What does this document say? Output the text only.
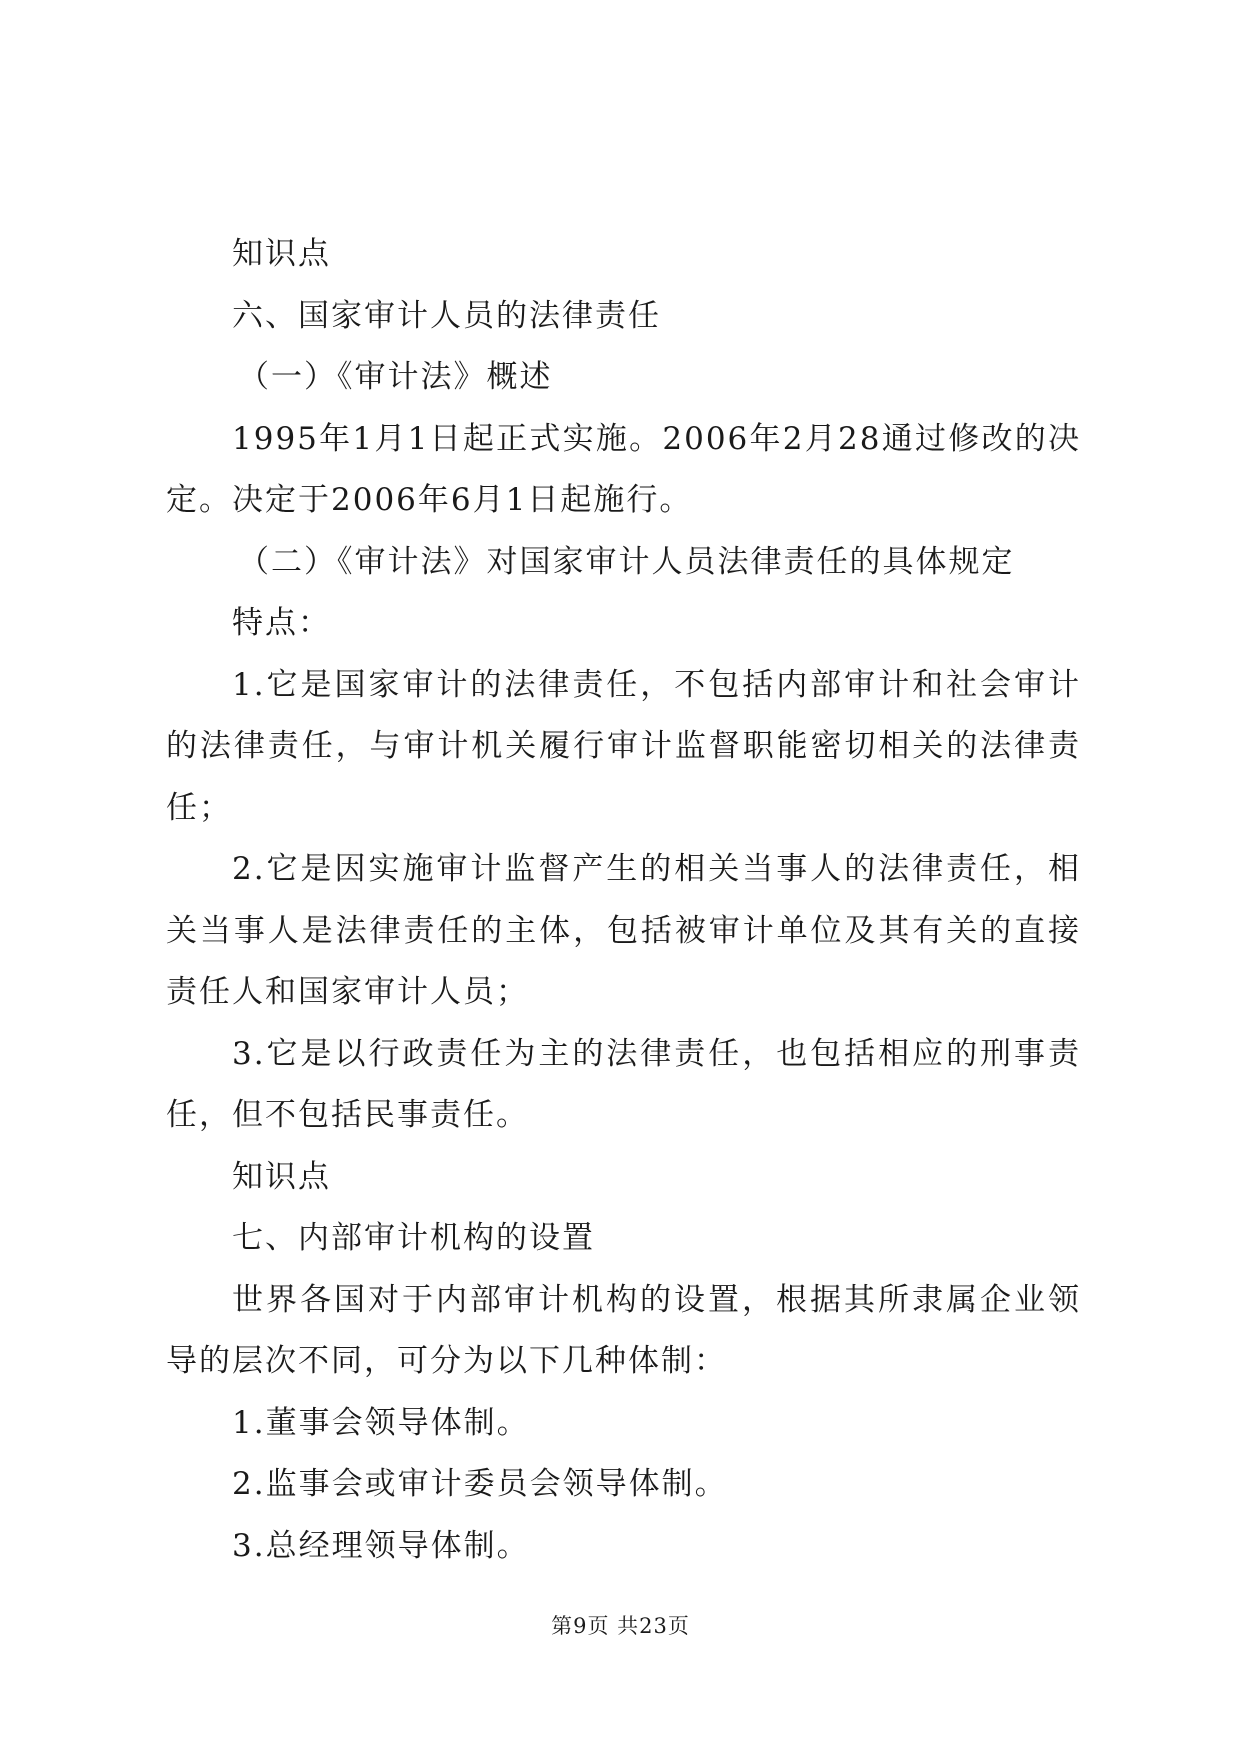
知识点

六、国家审计人员的法律责任

（一）《审计法》概述

1995年1月1日起正式实施。2006年2月28通过修改的决定。决定于2006年6月1日起施行。

（二）《审计法》对国家审计人员法律责任的具体规定

特点：

1.它是国家审计的法律责任，不包括内部审计和社会审计的法律责任，与审计机关履行审计监督职能密切相关的法律责任；

2.它是因实施审计监督产生的相关当事人的法律责任，相关当事人是法律责任的主体，包括被审计单位及其有关的直接责任人和国家审计人员；

3.它是以行政责任为主的法律责任，也包括相应的刑事责任，但不包括民事责任。

知识点

七、内部审计机构的设置

世界各国对于内部审计机构的设置，根据其所隶属企业领导的层次不同，可分为以下几种体制：

1.董事会领导体制。

2.监事会或审计委员会领导体制。

3.总经理领导体制。

第9页 共23页
